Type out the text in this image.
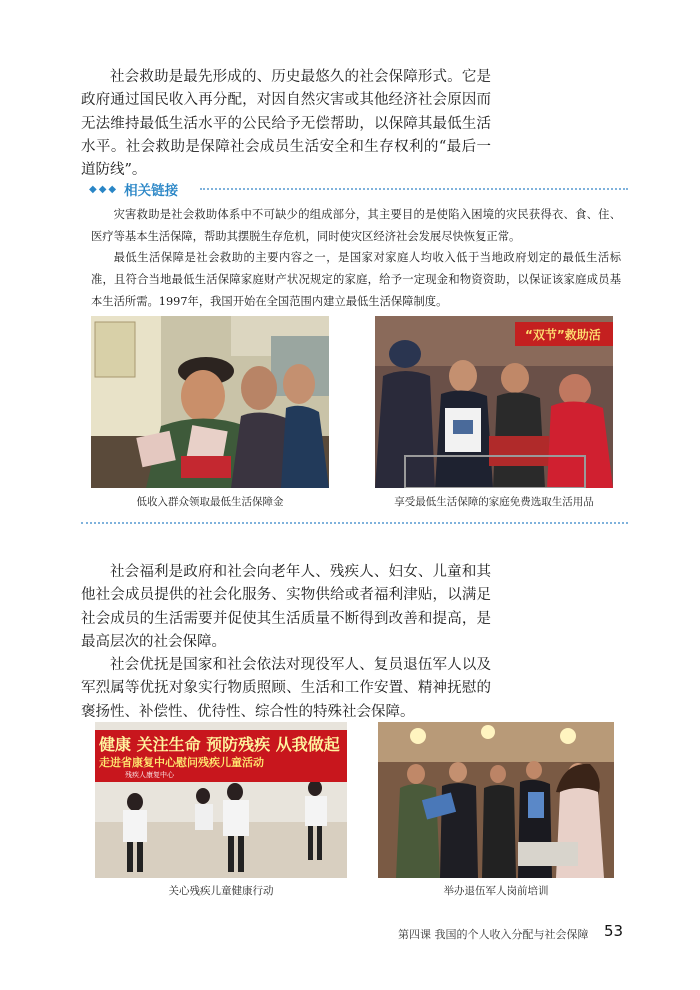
社会救助是最先形成的、历史最悠久的社会保障形式。它是政府通过国民收入再分配，对因自然灾害或其他经济社会原因而无法维持最低生活水平的公民给予无偿帮助，以保障其最低生活水平。社会救助是保障社会成员生活安全和生存权利的“最后一道防线”。

◆◆◆ 相关链接

灾害救助是社会救助体系中不可缺少的组成部分，其主要目的是使陷入困境的灾民获得衣、食、住、医疗等基本生活保障，帮助其摆脱生存危机，同时使灾区经济社会发展尽快恢复正常。

最低生活保障是社会救助的主要内容之一，是国家对家庭人均收入低于当地政府划定的最低生活标准，且符合当地最低生活保障家庭财产状况规定的家庭，给予一定现金和物资资助，以保证该家庭成员基本生活所需。1997年，我国开始在全国范围内建立最低生活保障制度。

低收入群众领取最低生活保障金
“双节”救助活
享受最低生活保障的家庭免费选取生活用品

社会福利是政府和社会向老年人、残疾人、妇女、儿童和其他社会成员提供的社会化服务、实物供给或者福利津贴，以满足社会成员的生活需要并促使其生活质量不断得到改善和提高，是最高层次的社会保障。

社会优抚是国家和社会依法对现役军人、复员退伍军人以及军烈属等优抚对象实行物质照顾、生活和工作安置、精神抚慰的褒扬性、补偿性、优待性、综合性的特殊社会保障。

健康 关注生命 预防残疾 从我做起
走进省康复中心慰问残疾儿童活动
残疾人康复中心
关心残疾儿童健康行动	举办退伍军人岗前培训
第四课 我国的个人收入分配与社会保障 53
